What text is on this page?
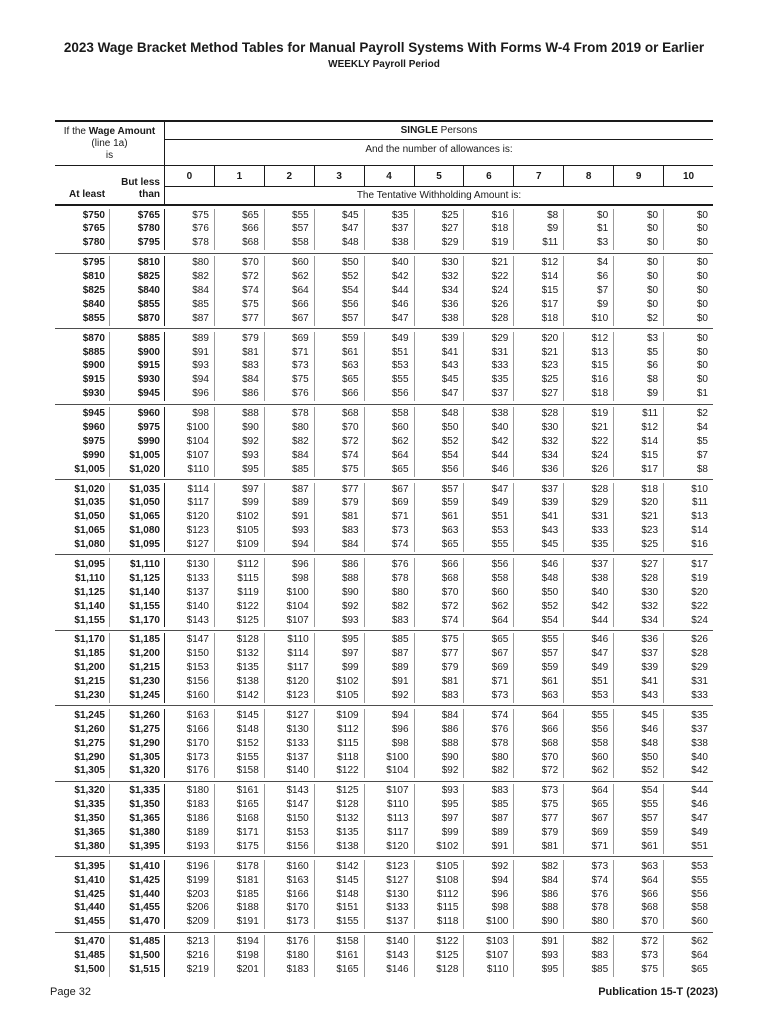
2023 Wage Bracket Method Tables for Manual Payroll Systems With Forms W-4 From 2019 or Earlier
WEEKLY Payroll Period
If the Wage Amount
(line 1a)
is
SINGLE Persons
And the number of allowances is:
But less
At least	than
0	1	2	3	4	5	6	7	8	9	10
The Tentative Withholding Amount is:
$750	$765	$75	$65	$55	$45	$35	$25	$16	$8	$0	$0	$0
$765	$780	$76	$66	$57	$47	$37	$27	$18	$9	$1	$0	$0
$780	$795	$78	$68	$58	$48	$38	$29	$19	$11	$3	$0	$0
$795	$810	$80	$70	$60	$50	$40	$30	$21	$12	$4	$0	$0
$810	$825	$82	$72	$62	$52	$42	$32	$22	$14	$6	$0	$0
$825	$840	$84	$74	$64	$54	$44	$34	$24	$15	$7	$0	$0
$840	$855	$85	$75	$66	$56	$46	$36	$26	$17	$9	$0	$0
$855	$870	$87	$77	$67	$57	$47	$38	$28	$18	$10	$2	$0
$870	$885	$89	$79	$69	$59	$49	$39	$29	$20	$12	$3	$0
$885	$900	$91	$81	$71	$61	$51	$41	$31	$21	$13	$5	$0
$900	$915	$93	$83	$73	$63	$53	$43	$33	$23	$15	$6	$0
$915	$930	$94	$84	$75	$65	$55	$45	$35	$25	$16	$8	$0
$930	$945	$96	$86	$76	$66	$56	$47	$37	$27	$18	$9	$1
$945	$960	$98	$88	$78	$68	$58	$48	$38	$28	$19	$11	$2
$960	$975	$100	$90	$80	$70	$60	$50	$40	$30	$21	$12	$4
$975	$990	$104	$92	$82	$72	$62	$52	$42	$32	$22	$14	$5
$990	$1,005	$107	$93	$84	$74	$64	$54	$44	$34	$24	$15	$7
$1,005	$1,020	$110	$95	$85	$75	$65	$56	$46	$36	$26	$17	$8
$1,020	$1,035	$114	$97	$87	$77	$67	$57	$47	$37	$28	$18	$10
$1,035	$1,050	$117	$99	$89	$79	$69	$59	$49	$39	$29	$20	$11
$1,050	$1,065	$120	$102	$91	$81	$71	$61	$51	$41	$31	$21	$13
$1,065	$1,080	$123	$105	$93	$83	$73	$63	$53	$43	$33	$23	$14
$1,080	$1,095	$127	$109	$94	$84	$74	$65	$55	$45	$35	$25	$16
$1,095	$1,110	$130	$112	$96	$86	$76	$66	$56	$46	$37	$27	$17
$1,110	$1,125	$133	$115	$98	$88	$78	$68	$58	$48	$38	$28	$19
$1,125	$1,140	$137	$119	$100	$90	$80	$70	$60	$50	$40	$30	$20
$1,140	$1,155	$140	$122	$104	$92	$82	$72	$62	$52	$42	$32	$22
$1,155	$1,170	$143	$125	$107	$93	$83	$74	$64	$54	$44	$34	$24
$1,170	$1,185	$147	$128	$110	$95	$85	$75	$65	$55	$46	$36	$26
$1,185	$1,200	$150	$132	$114	$97	$87	$77	$67	$57	$47	$37	$28
$1,200	$1,215	$153	$135	$117	$99	$89	$79	$69	$59	$49	$39	$29
$1,215	$1,230	$156	$138	$120	$102	$91	$81	$71	$61	$51	$41	$31
$1,230	$1,245	$160	$142	$123	$105	$92	$83	$73	$63	$53	$43	$33
$1,245	$1,260	$163	$145	$127	$109	$94	$84	$74	$64	$55	$45	$35
$1,260	$1,275	$166	$148	$130	$112	$96	$86	$76	$66	$56	$46	$37
$1,275	$1,290	$170	$152	$133	$115	$98	$88	$78	$68	$58	$48	$38
$1,290	$1,305	$173	$155	$137	$118	$100	$90	$80	$70	$60	$50	$40
$1,305	$1,320	$176	$158	$140	$122	$104	$92	$82	$72	$62	$52	$42
$1,320	$1,335	$180	$161	$143	$125	$107	$93	$83	$73	$64	$54	$44
$1,335	$1,350	$183	$165	$147	$128	$110	$95	$85	$75	$65	$55	$46
$1,350	$1,365	$186	$168	$150	$132	$113	$97	$87	$77	$67	$57	$47
$1,365	$1,380	$189	$171	$153	$135	$117	$99	$89	$79	$69	$59	$49
$1,380	$1,395	$193	$175	$156	$138	$120	$102	$91	$81	$71	$61	$51
$1,395	$1,410	$196	$178	$160	$142	$123	$105	$92	$82	$73	$63	$53
$1,410	$1,425	$199	$181	$163	$145	$127	$108	$94	$84	$74	$64	$55
$1,425	$1,440	$203	$185	$166	$148	$130	$112	$96	$86	$76	$66	$56
$1,440	$1,455	$206	$188	$170	$151	$133	$115	$98	$88	$78	$68	$58
$1,455	$1,470	$209	$191	$173	$155	$137	$118	$100	$90	$80	$70	$60
$1,470	$1,485	$213	$194	$176	$158	$140	$122	$103	$91	$82	$72	$62
$1,485	$1,500	$216	$198	$180	$161	$143	$125	$107	$93	$83	$73	$64
$1,500	$1,515	$219	$201	$183	$165	$146	$128	$110	$95	$85	$75	$65
Page 32	Publication 15-T (2023)
